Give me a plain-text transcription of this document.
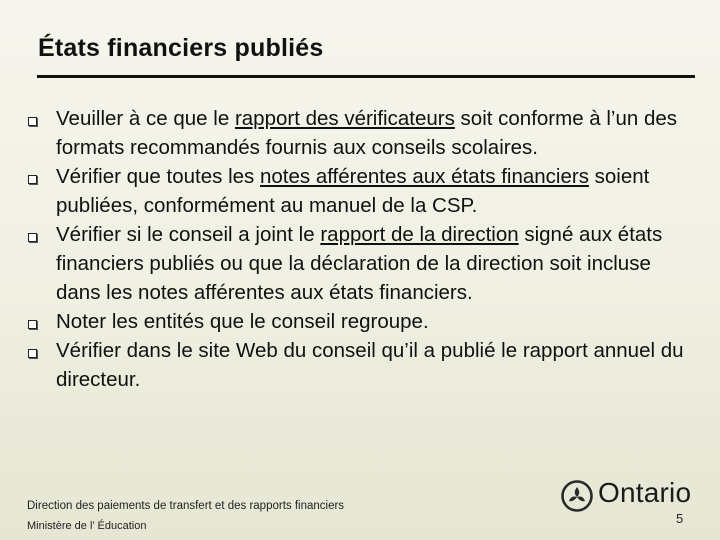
États financiers publiés
Veuiller à ce que le rapport des vérificateurs soit conforme à l’un des formats recommandés fournis aux conseils scolaires.
Vérifier que toutes les notes afférentes aux états financiers soient publiées, conformément au manuel de la CSP.
Vérifier si le conseil a joint le rapport de la direction signé aux états financiers publiés ou que la déclaration de la direction soit incluse dans les notes afférentes aux états financiers.
Noter les entités que le conseil regroupe.
Vérifier dans le site Web du conseil qu’il a publié le rapport annuel du directeur.
Direction des paiements de transfert et des rapports financiers
Ministère de l’ Éducation
Ontario
5
